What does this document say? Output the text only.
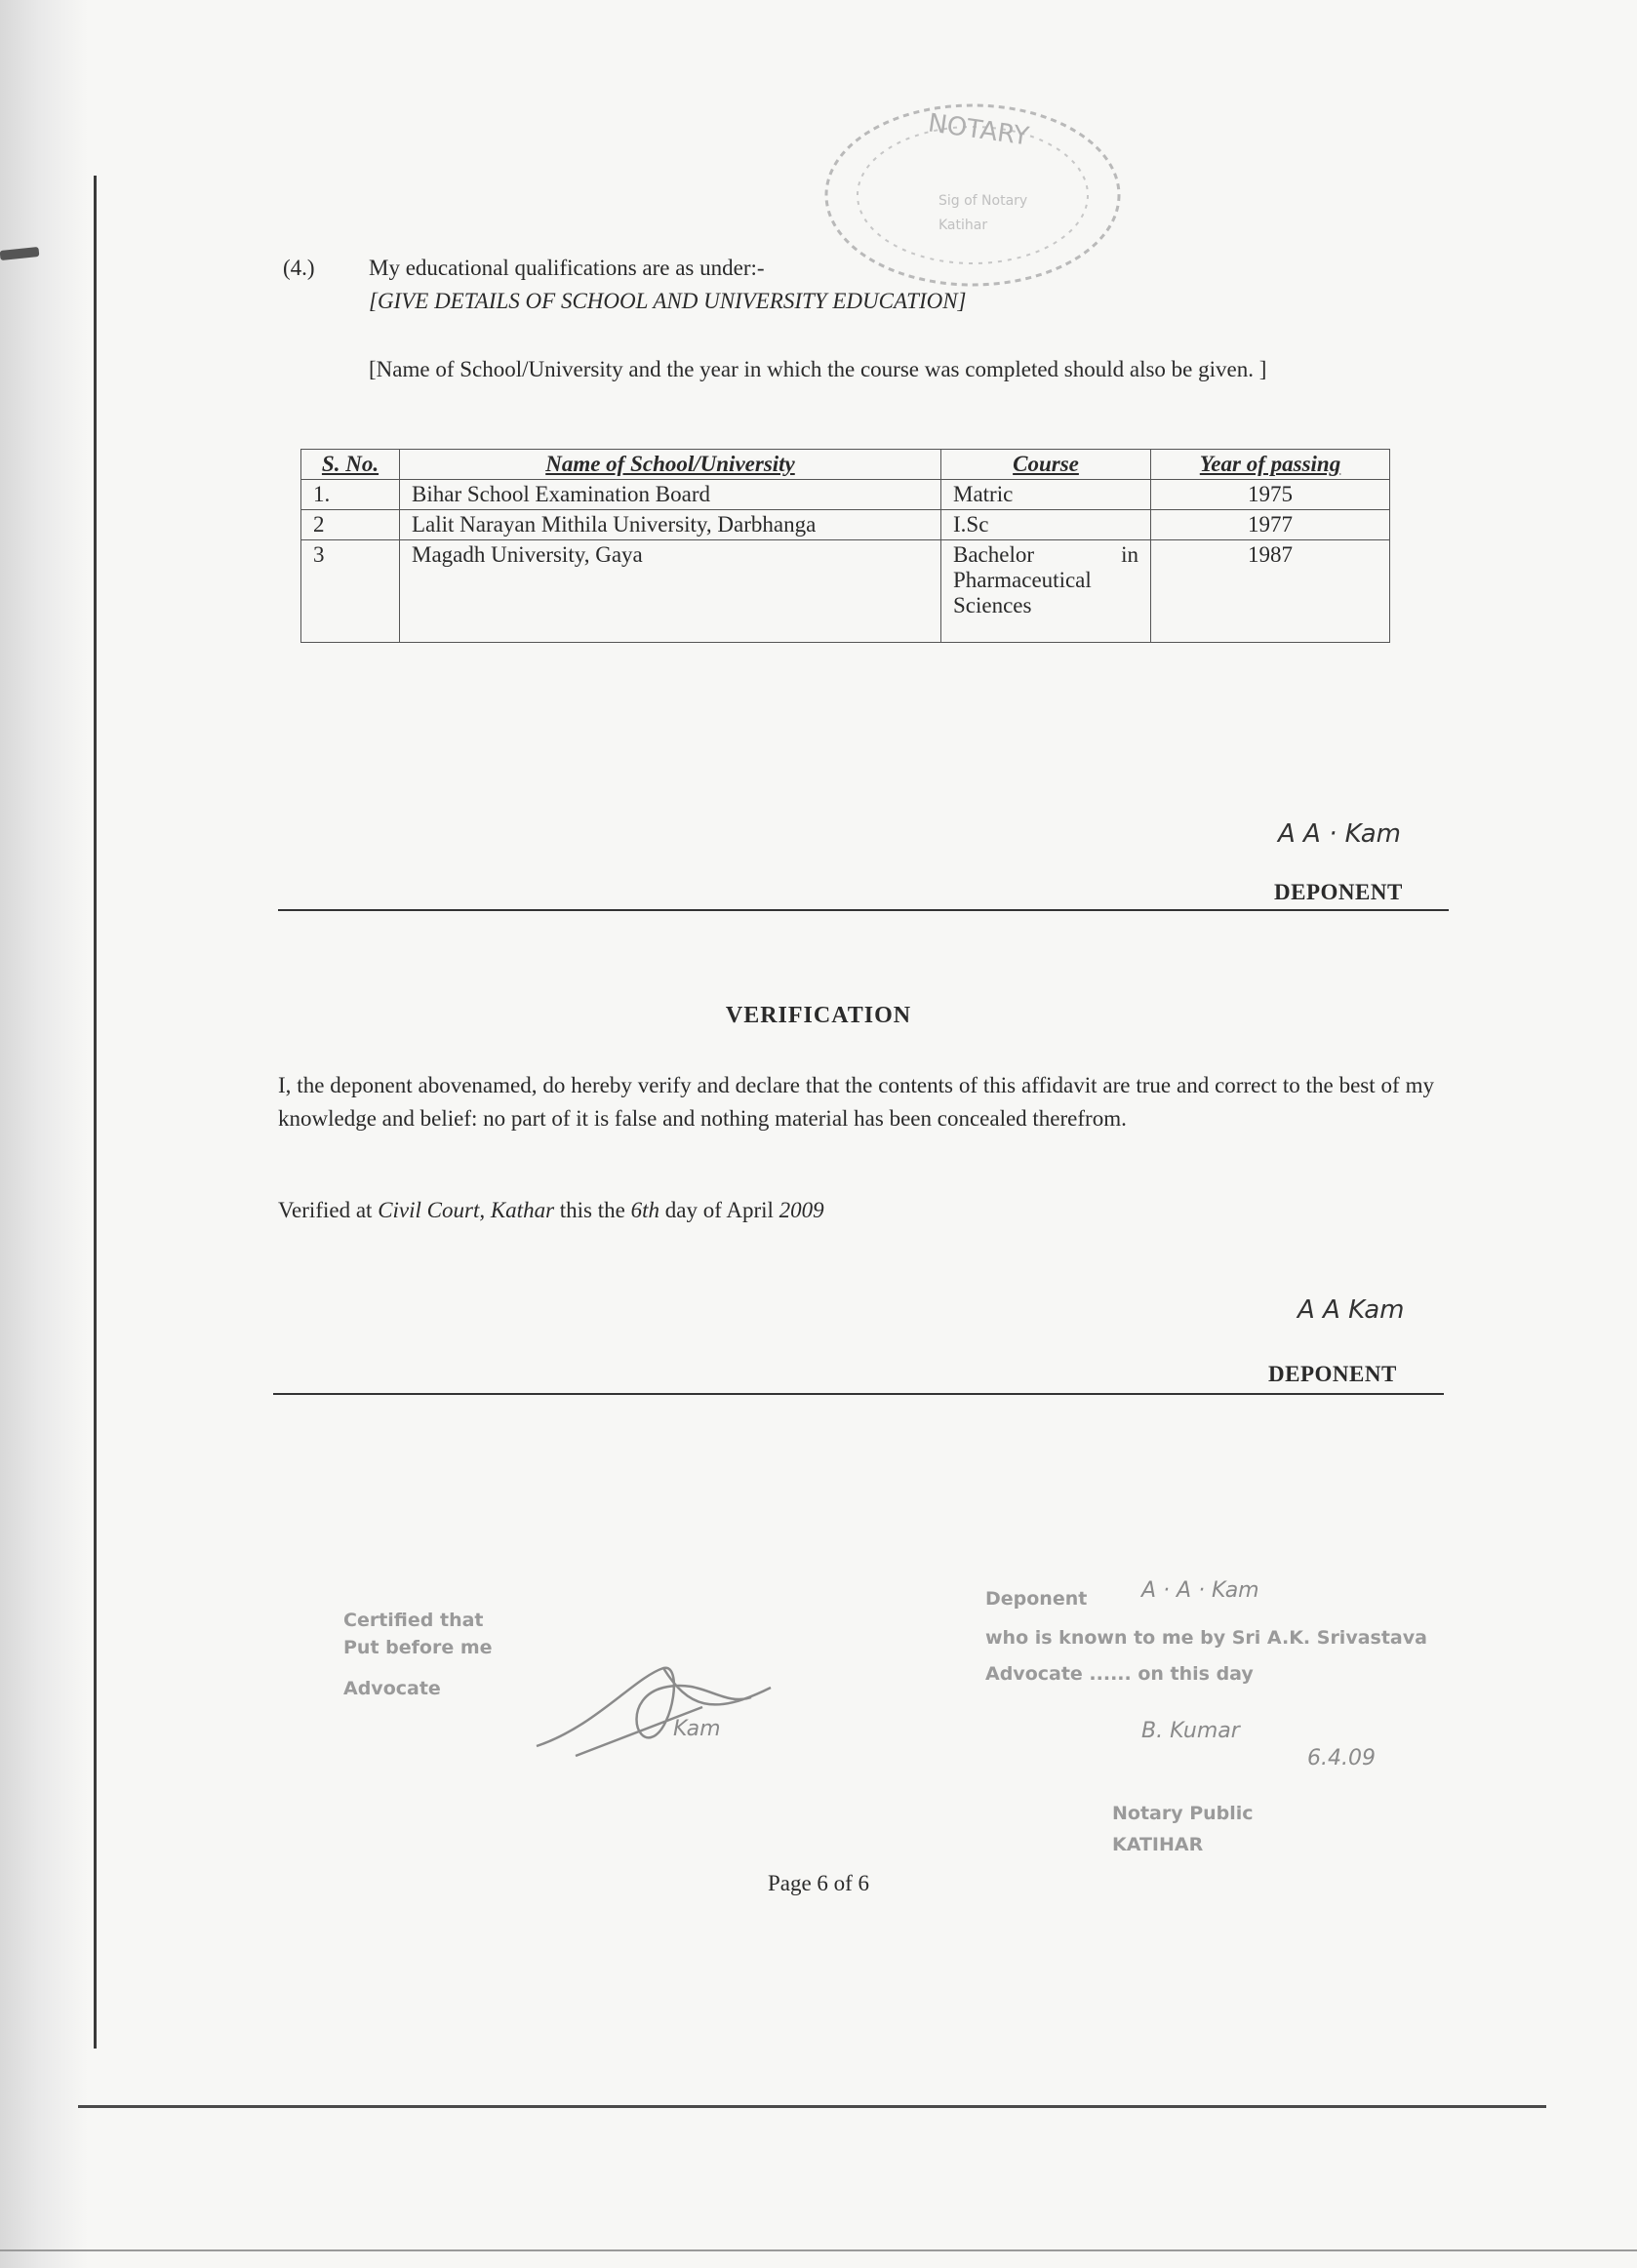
NOTARY
Sig of Notary
Katihar
(4.) My educational qualifications are as under:-
[GIVE DETAILS OF SCHOOL AND UNIVERSITY EDUCATION]
[Name of School/University and the year in which the course was completed should also be given. ]
S. No.	Name of School/University	Course	Year of passing
1.	Bihar School Examination Board	Matric	1975
2	Lalit Narayan Mithila University, Darbhanga	I.Sc	1977
3	Magadh University, Gaya	Bachelor in Pharmaceutical Sciences	1987
A A · Kam
DEPONENT
VERIFICATION
I, the deponent abovenamed, do hereby verify and declare that the contents of this affidavit are true and correct to the best of my knowledge and belief: no part of it is false and nothing material has been concealed therefrom.
Verified at Civil Court, Kathar this the 6th day of April 2009
A A Kam
DEPONENT
Certified that
Put before me
Advocate
Kam
Deponent	A · A · Kam
who is known to me by Sri A.K. Srivastava
Advocate ...... on this day
B. Kumar
6.4.09
Notary Public
KATIHAR
Page 6 of 6
